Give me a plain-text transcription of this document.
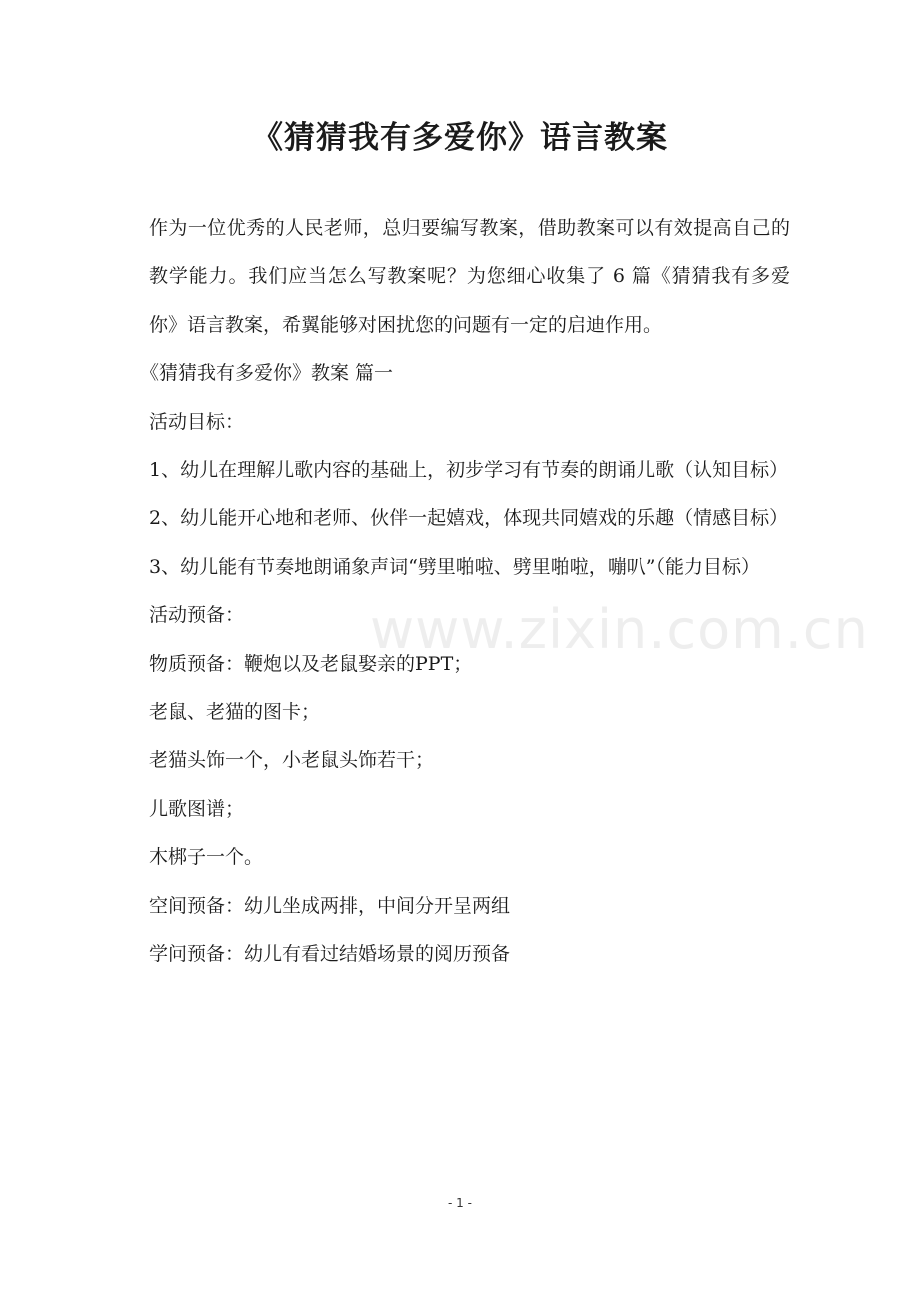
《猜猜我有多爱你》语言教案

作为一位优秀的人民老师，总归要编写教案，借助教案可以有效提高自己的教学能力。我们应当怎么写教案呢？为您细心收集了 6 篇《猜猜我有多爱你》语言教案，希翼能够对困扰您的问题有一定的启迪作用。

《猜猜我有多爱你》教案 篇一

活动目标：

1、幼儿在理解儿歌内容的基础上，初步学习有节奏的朗诵儿歌（认知目标）

2、幼儿能开心地和老师、伙伴一起嬉戏，体现共同嬉戏的乐趣（情感目标）

3、幼儿能有节奏地朗诵象声词“劈里啪啦、劈里啪啦，嘣叭”（能力目标）

活动预备：

物质预备：鞭炮以及老鼠娶亲的PPT；

老鼠、老猫的图卡；

老猫头饰一个，小老鼠头饰若干；

儿歌图谱；

木梆子一个。

空间预备：幼儿坐成两排，中间分开呈两组

学问预备：幼儿有看过结婚场景的阅历预备

www.zixin.com.cn
- 1 -
